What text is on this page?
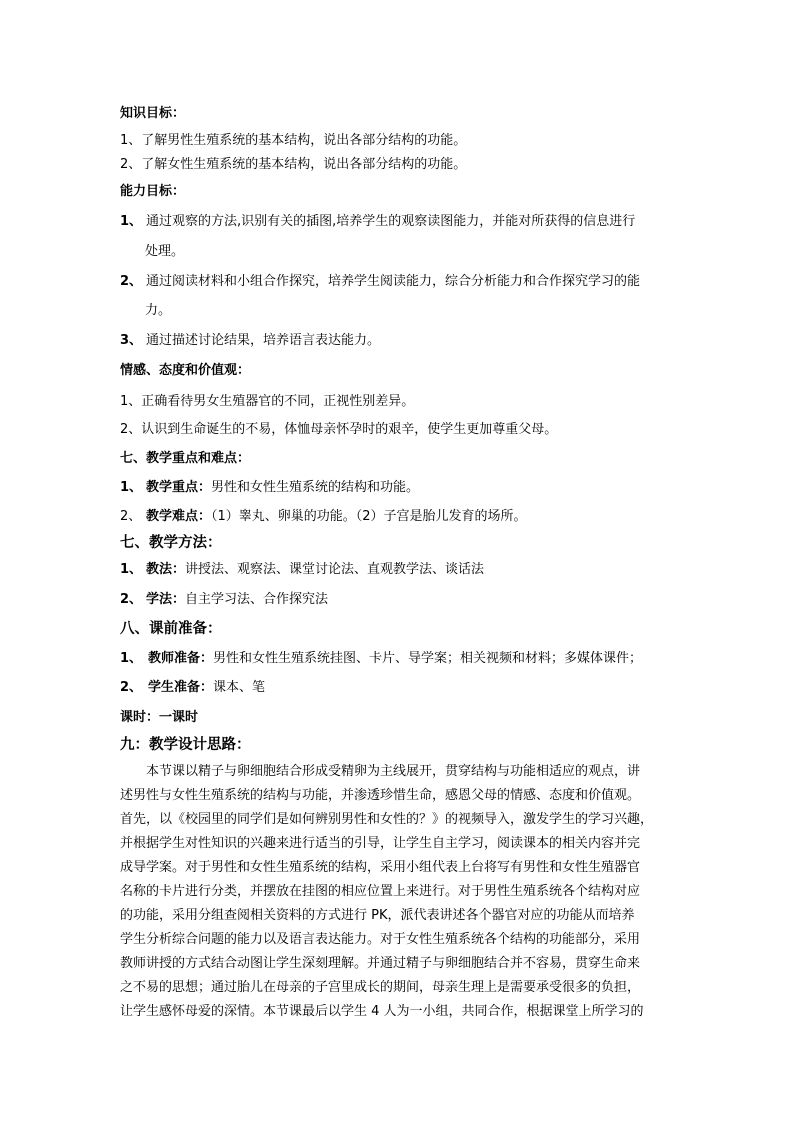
知识目标：
1、了解男性生殖系统的基本结构，说出各部分结构的功能。
2、了解女性生殖系统的基本结构，说出各部分结构的功能。
能力目标：
1、 通过观察的方法,识别有关的插图,培养学生的观察读图能力，并能对所获得的信息进行
处理。
2、 通过阅读材料和小组合作探究，培养学生阅读能力，综合分析能力和合作探究学习的能
力。
3、 通过描述讨论结果，培养语言表达能力。
情感、态度和价值观：
1、正确看待男女生殖器官的不同，正视性别差异。
2、认识到生命诞生的不易，体恤母亲怀孕时的艰辛，使学生更加尊重父母。
七、教学重点和难点：
1、 教学重点：男性和女性生殖系统的结构和功能。
2、 教学难点：（1）睾丸、卵巢的功能。（2）子宫是胎儿发育的场所。
七、教学方法：
1、 教法：讲授法、观察法、课堂讨论法、直观教学法、谈话法
2、 学法：自主学习法、合作探究法
八、课前准备：
1、 教师准备：男性和女性生殖系统挂图、卡片、导学案；相关视频和材料；多媒体课件；
2、 学生准备：课本、笔
课时：一课时
九：教学设计思路：
本节课以精子与卵细胞结合形成受精卵为主线展开，贯穿结构与功能相适应的观点，讲
述男性与女性生殖系统的结构与功能，并渗透珍惜生命，感恩父母的情感、态度和价值观。
首先，以《校园里的同学们是如何辨别男性和女性的？》的视频导入，激发学生的学习兴趣，
并根据学生对性知识的兴趣来进行适当的引导，让学生自主学习，阅读课本的相关内容并完
成导学案。对于男性和女性生殖系统的结构，采用小组代表上台将写有男性和女性生殖器官
名称的卡片进行分类，并摆放在挂图的相应位置上来进行。对于男性生殖系统各个结构对应
的功能，采用分组查阅相关资料的方式进行 PK，派代表讲述各个器官对应的功能从而培养
学生分析综合问题的能力以及语言表达能力。对于女性生殖系统各个结构的功能部分，采用
教师讲授的方式结合动图让学生深刻理解。并通过精子与卵细胞结合并不容易，贯穿生命来
之不易的思想；通过胎儿在母亲的子宫里成长的期间，母亲生理上是需要承受很多的负担，
让学生感怀母爱的深情。本节课最后以学生 4 人为一小组，共同合作，根据课堂上所学习的
